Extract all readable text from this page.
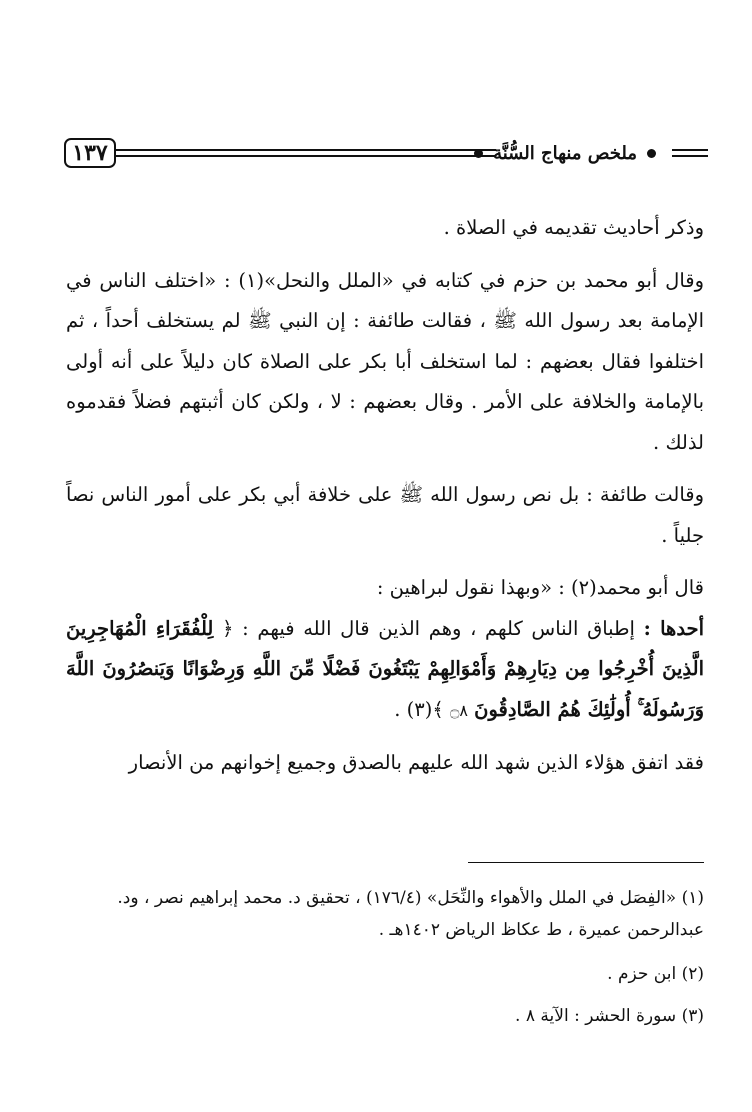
١٣٧	ملخص منهاج السُّنَّة

وذكر أحاديث تقديمه في الصلاة .

وقال أبو محمد بن حزم في كتابه في «الملل والنحل»(١) : «اختلف الناس في الإمامة بعد رسول الله ﷺ ، فقالت طائفة : إن النبي ﷺ لم يستخلف أحداً ، ثم اختلفوا فقال بعضهم : لما استخلف أبا بكر على الصلاة كان دليلاً على أنه أولى بالإمامة والخلافة على الأمر . وقال بعضهم : لا ، ولكن كان أثبتهم فضلاً فقدموه لذلك .

وقالت طائفة : بل نص رسول الله ﷺ على خلافة أبي بكر على أمور الناس نصاً جلياً .

قال أبو محمد(٢) : «وبهذا نقول لبراهين :

أحدها : إطباق الناس كلهم ، وهم الذين قال الله فيهم : ﴿ لِلْفُقَرَاءِ الْمُهَاجِرِينَ الَّذِينَ أُخْرِجُوا مِن دِيَارِهِمْ وَأَمْوَالِهِمْ يَبْتَغُونَ فَضْلًا مِّنَ اللَّهِ وَرِضْوَانًا وَيَنصُرُونَ اللَّهَ وَرَسُولَهُ ۚ أُولَٰئِكَ هُمُ الصَّادِقُونَ ۝٨ ﴾(٣) .

فقد اتفق هؤلاء الذين شهد الله عليهم بالصدق وجميع إخوانهم من الأنصار

(١) «الفِصَل في الملل والأهواء والنِّحَل» (١٧٦/٤) ، تحقيق د. محمد إبراهيم نصر ، ود. عبدالرحمن عميرة ، ط عكاظ الرياض ١٤٠٢هـ .

(٢) ابن حزم .

(٣) سورة الحشر : الآية ٨ .
